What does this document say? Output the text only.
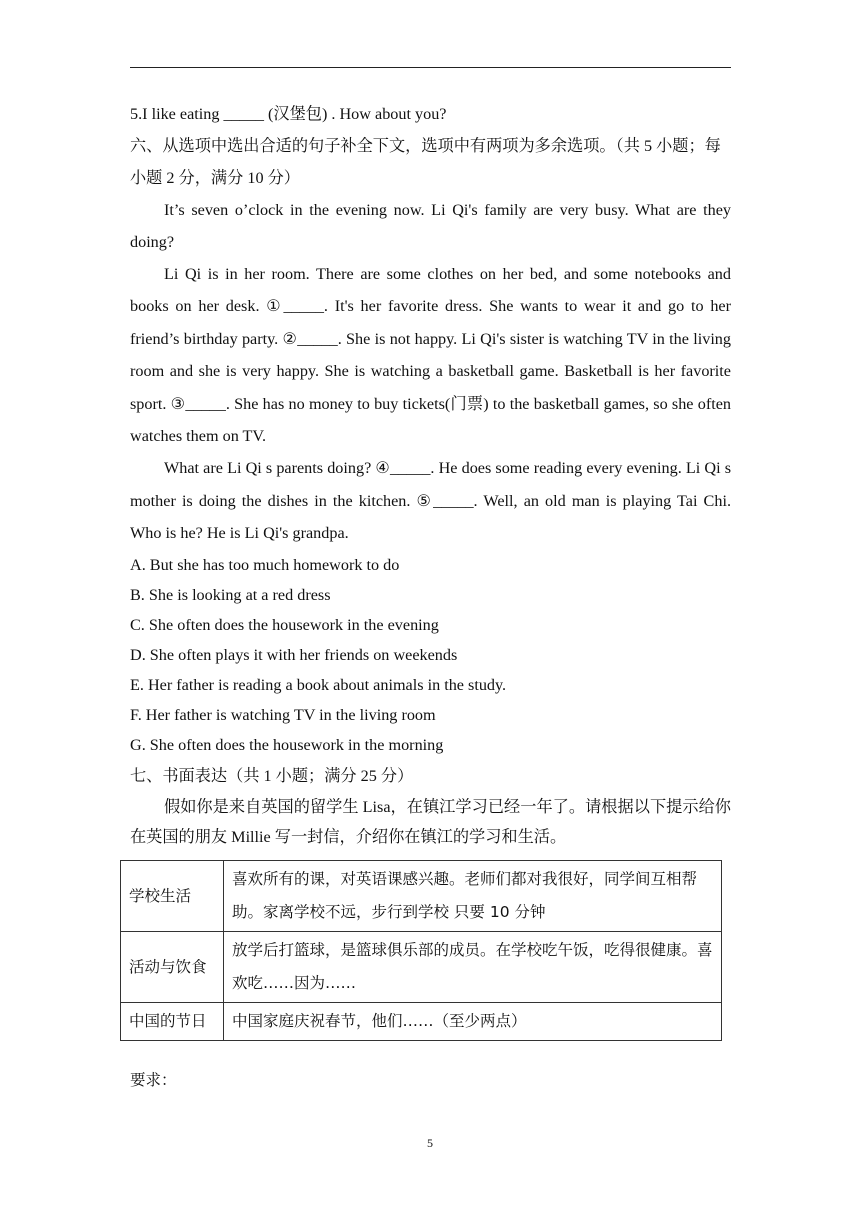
5.I like eating _____ (汉堡包) . How about you?

六、从选项中选出合适的句子补全下文，选项中有两项为多余选项。（共 5 小题；每小题 2 分，满分 10 分）

It’s seven o’clock in the evening now. Li Qi's family are very busy. What are they doing?

Li Qi is in her room. There are some clothes on her bed, and some notebooks and books on her desk. ①_____. It's her favorite dress. She wants to wear it and go to her friend’s birthday party. ②_____. She is not happy. Li Qi's sister is watching TV in the living room and she is very happy. She is watching a basketball game. Basketball is her favorite sport. ③_____. She has no money to buy tickets(门票) to the basketball games, so she often watches them on TV.

What are Li Qi s parents doing? ④_____. He does some reading every evening. Li Qi s mother is doing the dishes in the kitchen. ⑤_____. Well, an old man is playing Tai Chi. Who is he? He is Li Qi's grandpa.

A. But she has too much homework to do

B. She is looking at a red dress

C. She often does the housework in the evening

D. She often plays it with her friends on weekends

E. Her father is reading a book about animals in the study.

F. Her father is watching TV in the living room

G. She often does the housework in the morning

七、书面表达（共 1 小题；满分 25 分）

假如你是来自英国的留学生 Lisa，在镇江学习已经一年了。请根据以下提示给你在英国的朋友 Millie 写一封信，介绍你在镇江的学习和生活。

学校生活	喜欢所有的课，对英语课感兴趣。老师们都对我很好，同学间互相帮助。家离学校不远，步行到学校 只要 10 分钟
活动与饮食	放学后打篮球，是篮球俱乐部的成员。在学校吃午饭，吃得很健康。喜欢吃……因为……
中国的节日	中国家庭庆祝春节，他们……（至少两点）
要求：
5
